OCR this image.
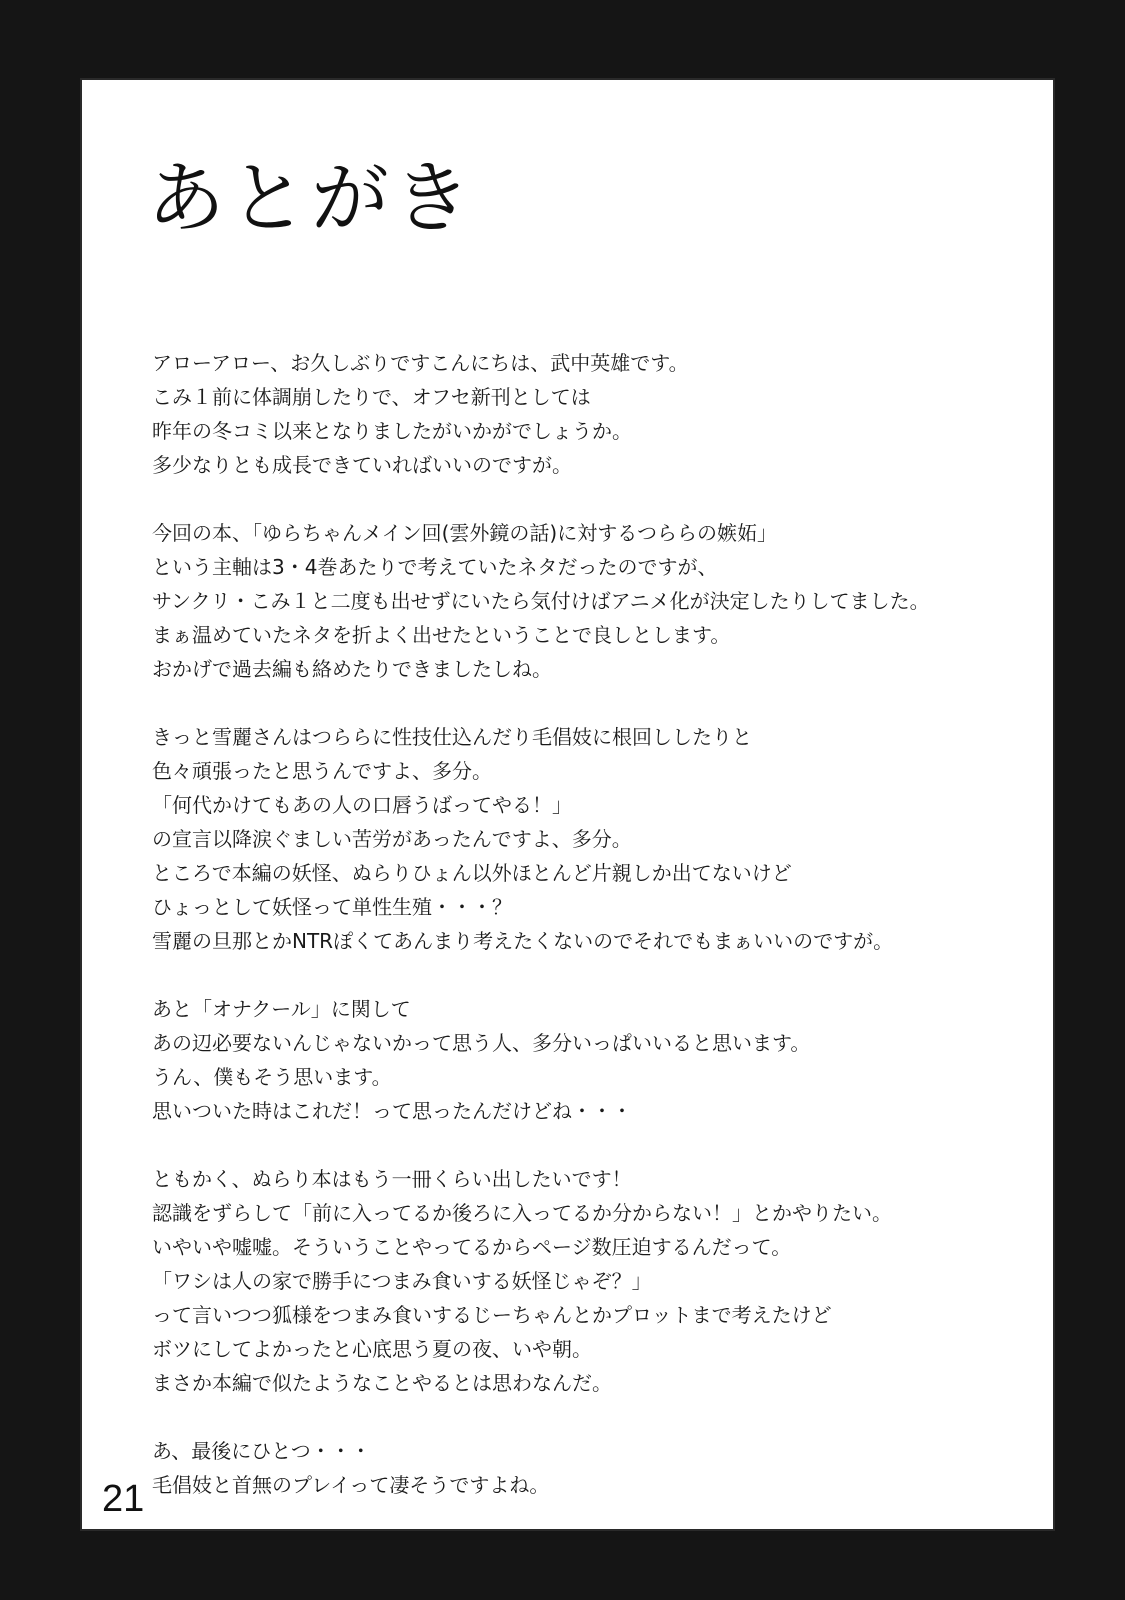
あとがき
アローアロー、お久しぶりですこんにちは、武中英雄です。
こみ１前に体調崩したりで、オフセ新刊としては
昨年の冬コミ以来となりましたがいかがでしょうか。
多少なりとも成長できていればいいのですが。
今回の本、「ゆらちゃんメイン回(雲外鏡の話)に対するつららの嫉妬」
という主軸は3・4巻あたりで考えていたネタだったのですが、
サンクリ・こみ１と二度も出せずにいたら気付けばアニメ化が決定したりしてました。
まぁ温めていたネタを折よく出せたということで良しとします。
おかげで過去編も絡めたりできましたしね。
きっと雪麗さんはつららに性技仕込んだり毛倡妓に根回ししたりと
色々頑張ったと思うんですよ、多分。
「何代かけてもあの人の口唇うばってやる！」
の宣言以降涙ぐましい苦労があったんですよ、多分。
ところで本編の妖怪、ぬらりひょん以外ほとんど片親しか出てないけど
ひょっとして妖怪って単性生殖・・・？
雪麗の旦那とかNTRぽくてあんまり考えたくないのでそれでもまぁいいのですが。
あと「オナクール」に関して
あの辺必要ないんじゃないかって思う人、多分いっぱいいると思います。
うん、僕もそう思います。
思いついた時はこれだ！って思ったんだけどね・・・
ともかく、ぬらり本はもう一冊くらい出したいです！
認識をずらして「前に入ってるか後ろに入ってるか分からない！」とかやりたい。
いやいや嘘嘘。そういうことやってるからページ数圧迫するんだって。
「ワシは人の家で勝手につまみ食いする妖怪じゃぞ？」
って言いつつ狐様をつまみ食いするじーちゃんとかプロットまで考えたけど
ボツにしてよかったと心底思う夏の夜、いや朝。
まさか本編で似たようなことやるとは思わなんだ。
あ、最後にひとつ・・・
毛倡妓と首無のプレイって凄そうですよね。
21
